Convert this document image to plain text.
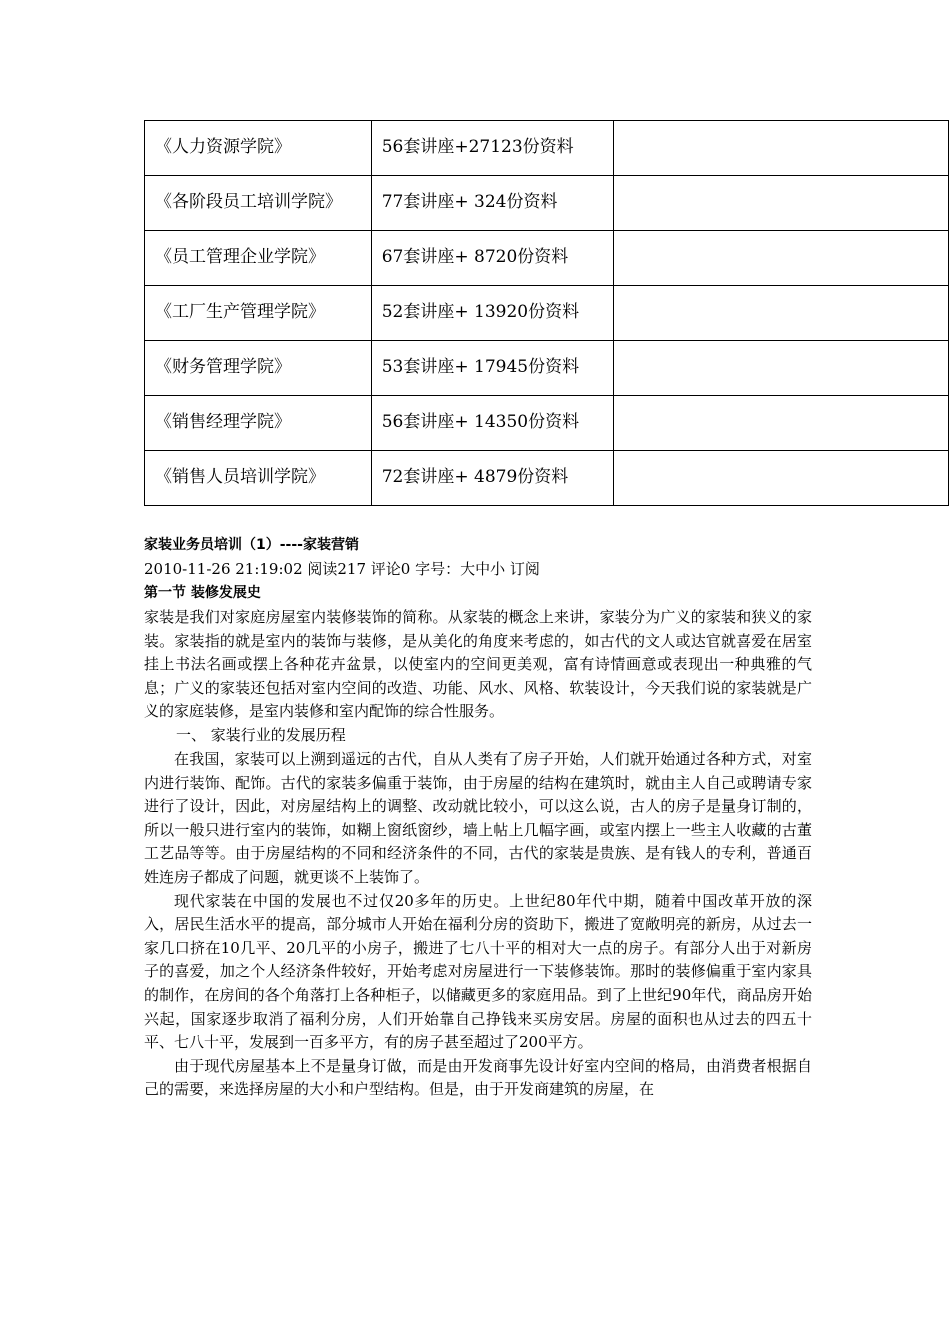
《人力资源学院》	56套讲座+27123份资料	
《各阶段员工培训学院》	77套讲座+ 324份资料	
《员工管理企业学院》	67套讲座+ 8720份资料	
《工厂生产管理学院》	52套讲座+ 13920份资料	
《财务管理学院》	53套讲座+ 17945份资料	
《销售经理学院》	56套讲座+ 14350份资料	
《销售人员培训学院》	72套讲座+ 4879份资料	
家装业务员培训（1）----家装营销
2010-11-26 21:19:02 阅读217 评论0 字号：大中小 订阅
第一节 装修发展史

家装是我们对家庭房屋室内装修装饰的简称。从家装的概念上来讲，家装分为广义的家装和狭义的家装。家装指的就是室内的装饰与装修，是从美化的角度来考虑的，如古代的文人或达官就喜爱在居室挂上书法名画或摆上各种花卉盆景，以使室内的空间更美观，富有诗情画意或表现出一种典雅的气息；广义的家装还包括对室内空间的改造、功能、风水、风格、软装设计，今天我们说的家装就是广义的家庭装修，是室内装修和室内配饰的综合性服务。

一、 家装行业的发展历程

在我国，家装可以上溯到遥远的古代，自从人类有了房子开始，人们就开始通过各种方式，对室内进行装饰、配饰。古代的家装多偏重于装饰，由于房屋的结构在建筑时，就由主人自己或聘请专家进行了设计，因此，对房屋结构上的调整、改动就比较小，可以这么说，古人的房子是量身订制的，所以一般只进行室内的装饰，如糊上窗纸窗纱，墙上帖上几幅字画，或室内摆上一些主人收藏的古董工艺品等等。由于房屋结构的不同和经济条件的不同，古代的家装是贵族、是有钱人的专利，普通百姓连房子都成了问题，就更谈不上装饰了。

现代家装在中国的发展也不过仅20多年的历史。上世纪80年代中期，随着中国改革开放的深入，居民生活水平的提高，部分城市人开始在福利分房的资助下，搬进了宽敞明亮的新房，从过去一家几口挤在10几平、20几平的小房子，搬进了七八十平的相对大一点的房子。有部分人出于对新房子的喜爱，加之个人经济条件较好，开始考虑对房屋进行一下装修装饰。那时的装修偏重于室内家具的制作，在房间的各个角落打上各种柜子，以储藏更多的家庭用品。到了上世纪90年代，商品房开始兴起，国家逐步取消了福利分房，人们开始靠自己挣钱来买房安居。房屋的面积也从过去的四五十平、七八十平，发展到一百多平方，有的房子甚至超过了200平方。

由于现代房屋基本上不是量身订做，而是由开发商事先设计好室内空间的格局，由消费者根据自己的需要，来选择房屋的大小和户型结构。但是，由于开发商建筑的房屋，在
